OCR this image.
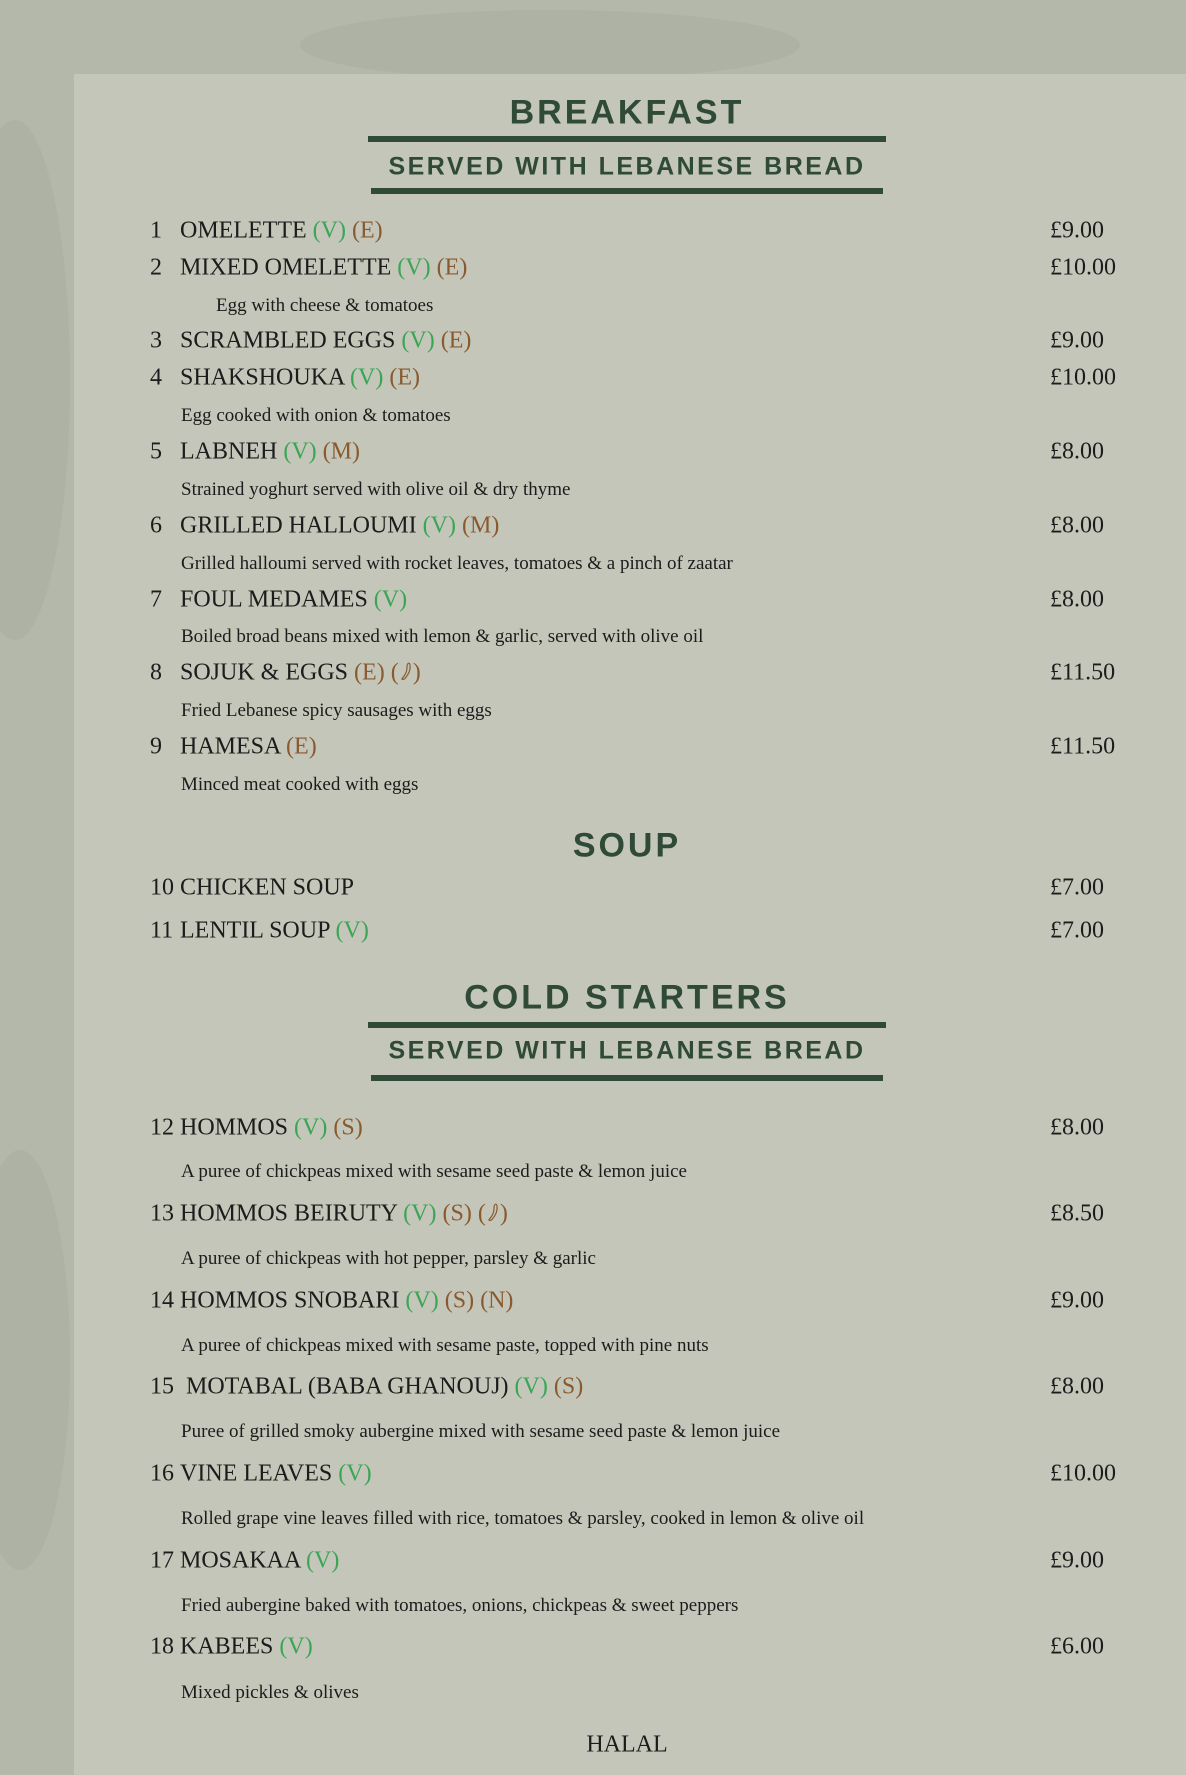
BREAKFAST
SERVED WITH LEBANESE BREAD
1 OMELETTE (V) (E)	£9.00
2 MIXED OMELETTE (V) (E)	£10.00
Egg with cheese & tomatoes
3 SCRAMBLED EGGS (V) (E)	£9.00
4 SHAKSHOUKA (V) (E)	£10.00
Egg cooked with onion & tomatoes
5 LABNEH (V) (M)	£8.00
Strained yoghurt served with olive oil & dry thyme
6 GRILLED HALLOUMI (V) (M)	£8.00
Grilled halloumi served with rocket leaves, tomatoes & a pinch of zaatar
7 FOUL MEDAMES (V)	£8.00
Boiled broad beans mixed with lemon & garlic, served with olive oil
8 SOJUK & EGGS (E) ( )	£11.50
Fried Lebanese spicy sausages with eggs
9 HAMESA (E)	£11.50
Minced meat cooked with eggs
SOUP
10 CHICKEN SOUP	£7.00
11 LENTIL SOUP (V)	£7.00
COLD STARTERS
SERVED WITH LEBANESE BREAD
12 HOMMOS (V) (S)	£8.00
A puree of chickpeas mixed with sesame seed paste & lemon juice
13 HOMMOS BEIRUTY (V) (S) ( )	£8.50
A puree of chickpeas with hot pepper, parsley & garlic
14 HOMMOS SNOBARI (V) (S) (N)	£9.00
A puree of chickpeas mixed with sesame paste, topped with pine nuts
15 MOTABAL (BABA GHANOUJ) (V) (S)	£8.00
Puree of grilled smoky aubergine mixed with sesame seed paste & lemon juice
16 VINE LEAVES (V)	£10.00
Rolled grape vine leaves filled with rice, tomatoes & parsley, cooked in lemon & olive oil
17 MOSAKAA (V)	£9.00
Fried aubergine baked with tomatoes, onions, chickpeas & sweet peppers
18 KABEES (V)	£6.00
Mixed pickles & olives
HALAL
